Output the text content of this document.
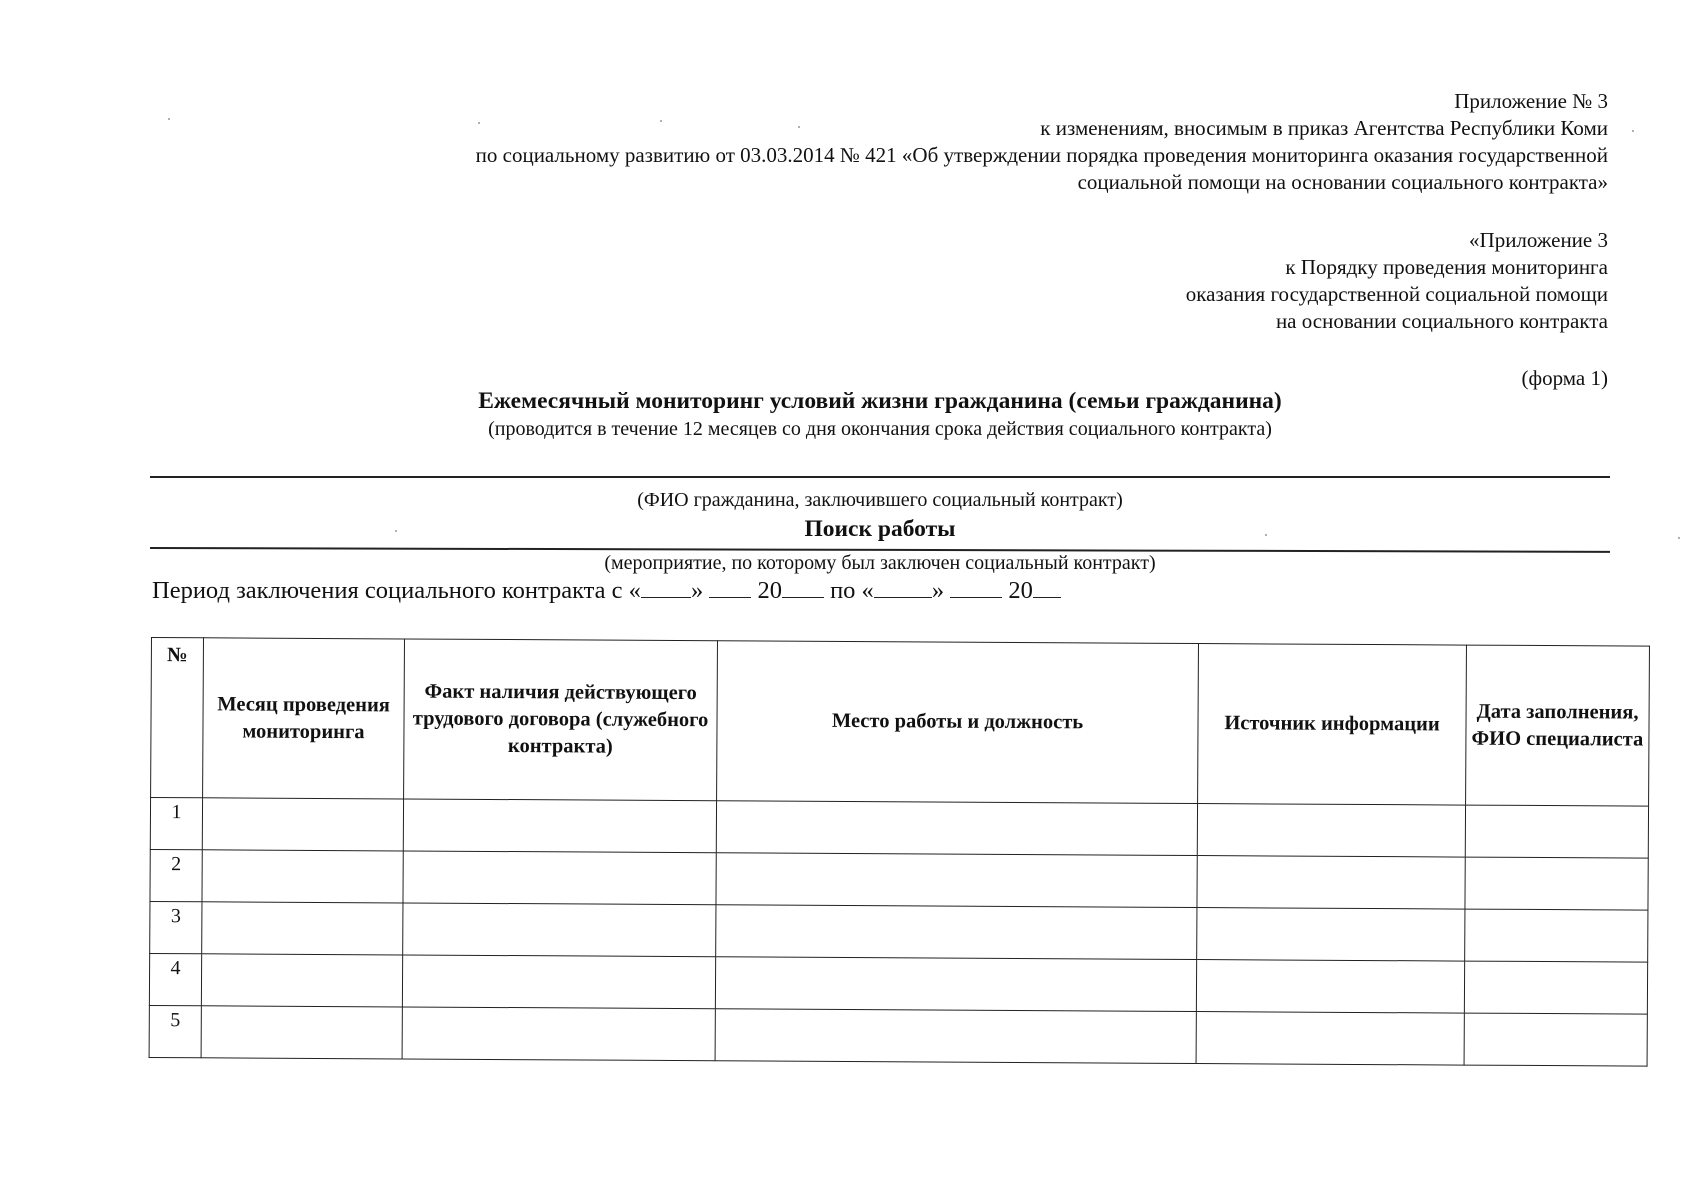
Приложение № 3
к изменениям, вносимым в приказ Агентства Республики Коми
по социальному развитию от 03.03.2014 № 421 «Об утверждении порядка проведения мониторинга оказания государственной
социальной помощи на основании социального контракта»
«Приложение 3
к Порядку проведения мониторинга
оказания государственной социальной помощи
на основании социального контракта
(форма 1)
Ежемесячный мониторинг условий жизни гражданина (семьи гражданина)
(проводится в течение 12 месяцев со дня окончания срока действия социального контракта)
(ФИО гражданина, заключившего социальный контракт)
Поиск работы
(мероприятие, по которому был заключен социальный контракт)
Период заключения социального контракта с « » 20 по « »	20
№	Месяц проведения мониторинга	Факт наличия действующего трудового договора (служебного контракта)	Место работы и должность	Источник информации	Дата заполнения, ФИО специалиста
1					
2					
3					
4					
5					
